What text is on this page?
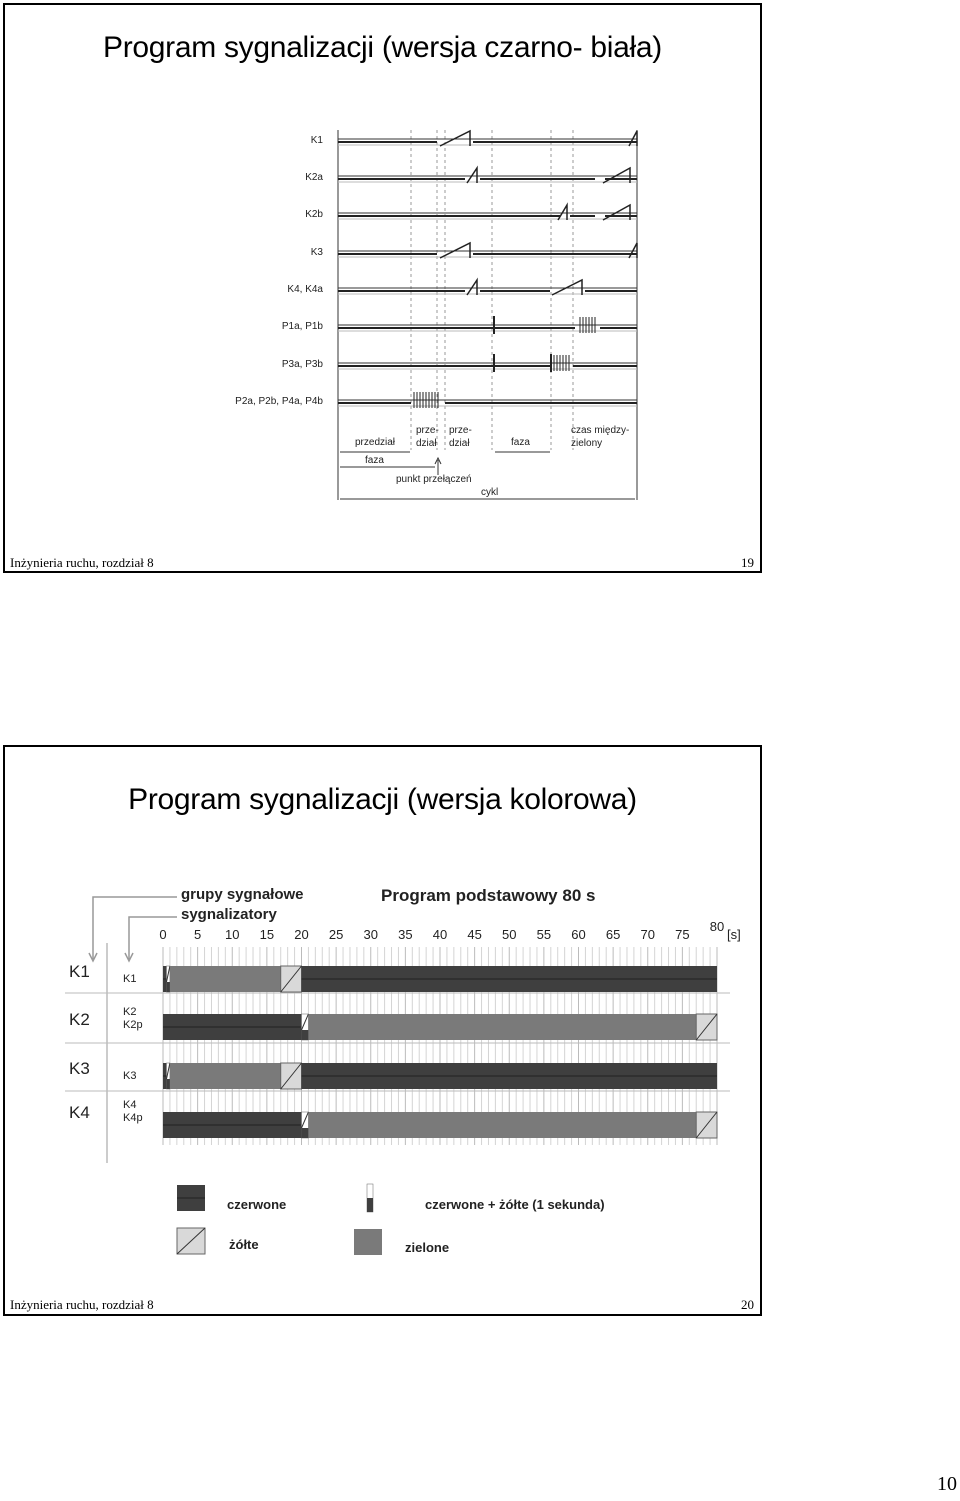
Program sygnalizacji (wersja czarno- biała)
K1
K2a
K2b
K3
K4, K4a
P1a, P1b
P3a, P3b
P2a, P2b, P4a, P4b
przedział
faza
prze-
dział
prze-
dział	faza
czas między-
zielony
punkt przełączeń
cykl
Inżynieria ruchu, rozdział 8	19
Program sygnalizacji (wersja kolorowa)
grupy sygnałowe
sygnalizatory
Program podstawowy 80 s
0 5 10 15 20 25 30 35 40 45 50 55 60 65 70 75
80
[s]
K1	K1
K2	K2
K2p
K3	K3
K4	K4
K4p
czerwone	czerwone + żółte (1 sekunda)
żółte	zielone
Inżynieria ruchu, rozdział 8	20
10
